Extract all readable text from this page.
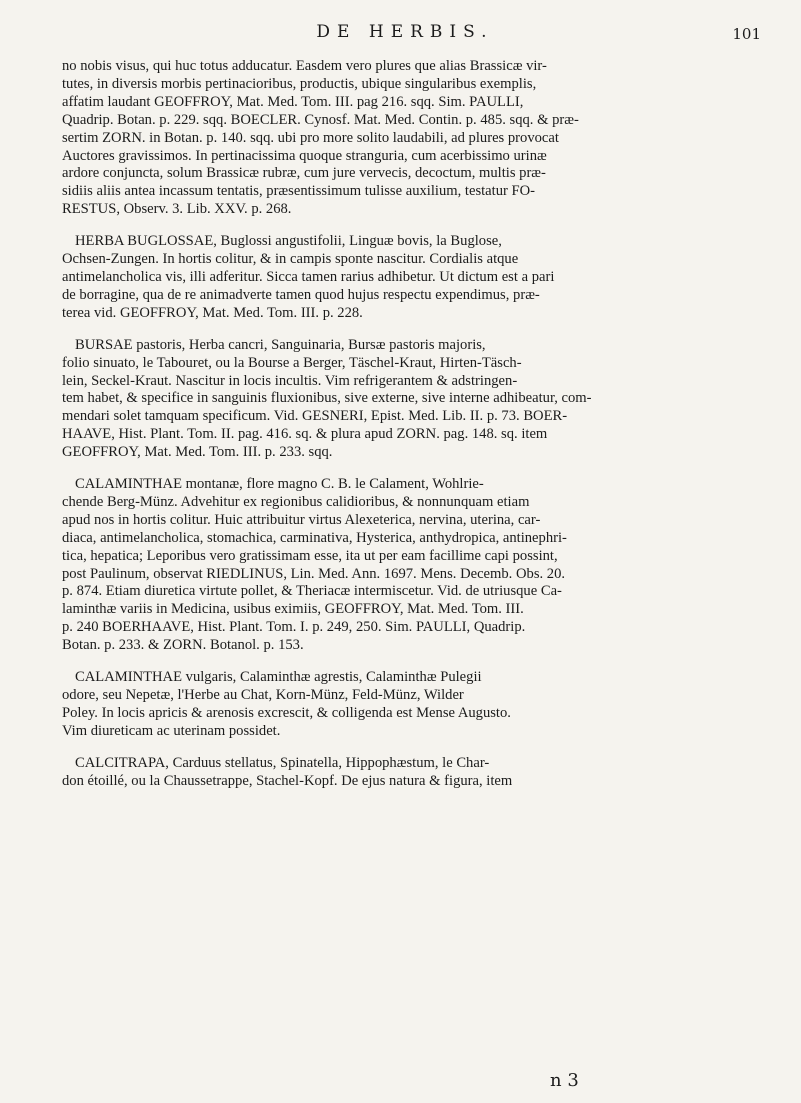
DE HERBIS.	101
no nobis visus, qui huc totus adducatur. Easdem vero plures que alias Brassicæ vir-
tutes, in diversis morbis pertinacioribus, productis, ubique singularibus exemplis,
affatim laudant GEOFFROY, Mat. Med. Tom. III. pag 216. sqq. Sim. PAULLI,
Quadrip. Botan. p. 229. sqq. BOECLER. Cynosf. Mat. Med. Contin. p. 485. sqq. & præ-
sertim ZORN. in Botan. p. 140. sqq. ubi pro more solito laudabili, ad plures provocat
Auctores gravissimos. In pertinacissima quoque stranguria, cum acerbissimo urinæ
ardore conjuncta, solum Brassicæ rubræ, cum jure vervecis, decoctum, multis præ-
sidiis aliis antea incassum tentatis, præsentissimum tulisse auxilium, testatur FO-
RESTUS, Observ. 3. Lib. XXV. p. 268.
HERBA BUGLOSSAE, Buglossi angustifolii, Linguæ bovis, la Buglose,
Ochsen-Zungen. In hortis colitur, & in campis sponte nascitur. Cordialis atque
antimelancholica vis, illi adferitur. Sicca tamen rarius adhibetur. Ut dictum est a pari
de borragine, qua de re animadverte tamen quod hujus respectu expendimus, præ-
terea vid. GEOFFROY, Mat. Med. Tom. III. p. 228.
BURSAE pastoris, Herba cancri, Sanguinaria, Bursæ pastoris majoris,
folio sinuato, le Tabouret, ou la Bourse a Berger, Täschel-Kraut, Hirten-Täsch-
lein, Seckel-Kraut. Nascitur in locis incultis. Vim refrigerantem & adstringen-
tem habet, & specifice in sanguinis fluxionibus, sive externe, sive interne adhibeatur, com-
mendari solet tamquam specificum. Vid. GESNERI, Epist. Med. Lib. II. p. 73. BOER-
HAAVE, Hist. Plant. Tom. II. pag. 416. sq. & plura apud ZORN. pag. 148. sq. item
GEOFFROY, Mat. Med. Tom. III. p. 233. sqq.
CALAMINTHAE montanæ, flore magno C. B. le Calament, Wohlrie-
chende Berg-Münz. Advehitur ex regionibus calidioribus, & nonnunquam etiam
apud nos in hortis colitur. Huic attribuitur virtus Alexeterica, nervina, uterina, car-
diaca, antimelancholica, stomachica, carminativa, Hysterica, anthydropica, antinephri-
tica, hepatica; Leporibus vero gratissimam esse, ita ut per eam facillime capi possint,
post Paulinum, observat RIEDLINUS, Lin. Med. Ann. 1697. Mens. Decemb. Obs. 20.
p. 874. Etiam diuretica virtute pollet, & Theriacæ intermiscetur. Vid. de utriusque Ca-
laminthæ variis in Medicina, usibus eximiis, GEOFFROY, Mat. Med. Tom. III.
p. 240 BOERHAAVE, Hist. Plant. Tom. I. p. 249, 250. Sim. PAULLI, Quadrip.
Botan. p. 233. & ZORN. Botanol. p. 153.
CALAMINTHAE vulgaris, Calaminthæ agrestis, Calaminthæ Pulegii
odore, seu Nepetæ, l'Herbe au Chat, Korn-Münz, Feld-Münz, Wilder
Poley. In locis apricis & arenosis excrescit, & colligenda est Mense Augusto.
Vim diureticam ac uterinam possidet.
CALCITRAPA, Carduus stellatus, Spinatella, Hippophæstum, le Char-
don étoillé, ou la Chaussetrappe, Stachel-Kopf. De ejus natura & figura, item
n 3
